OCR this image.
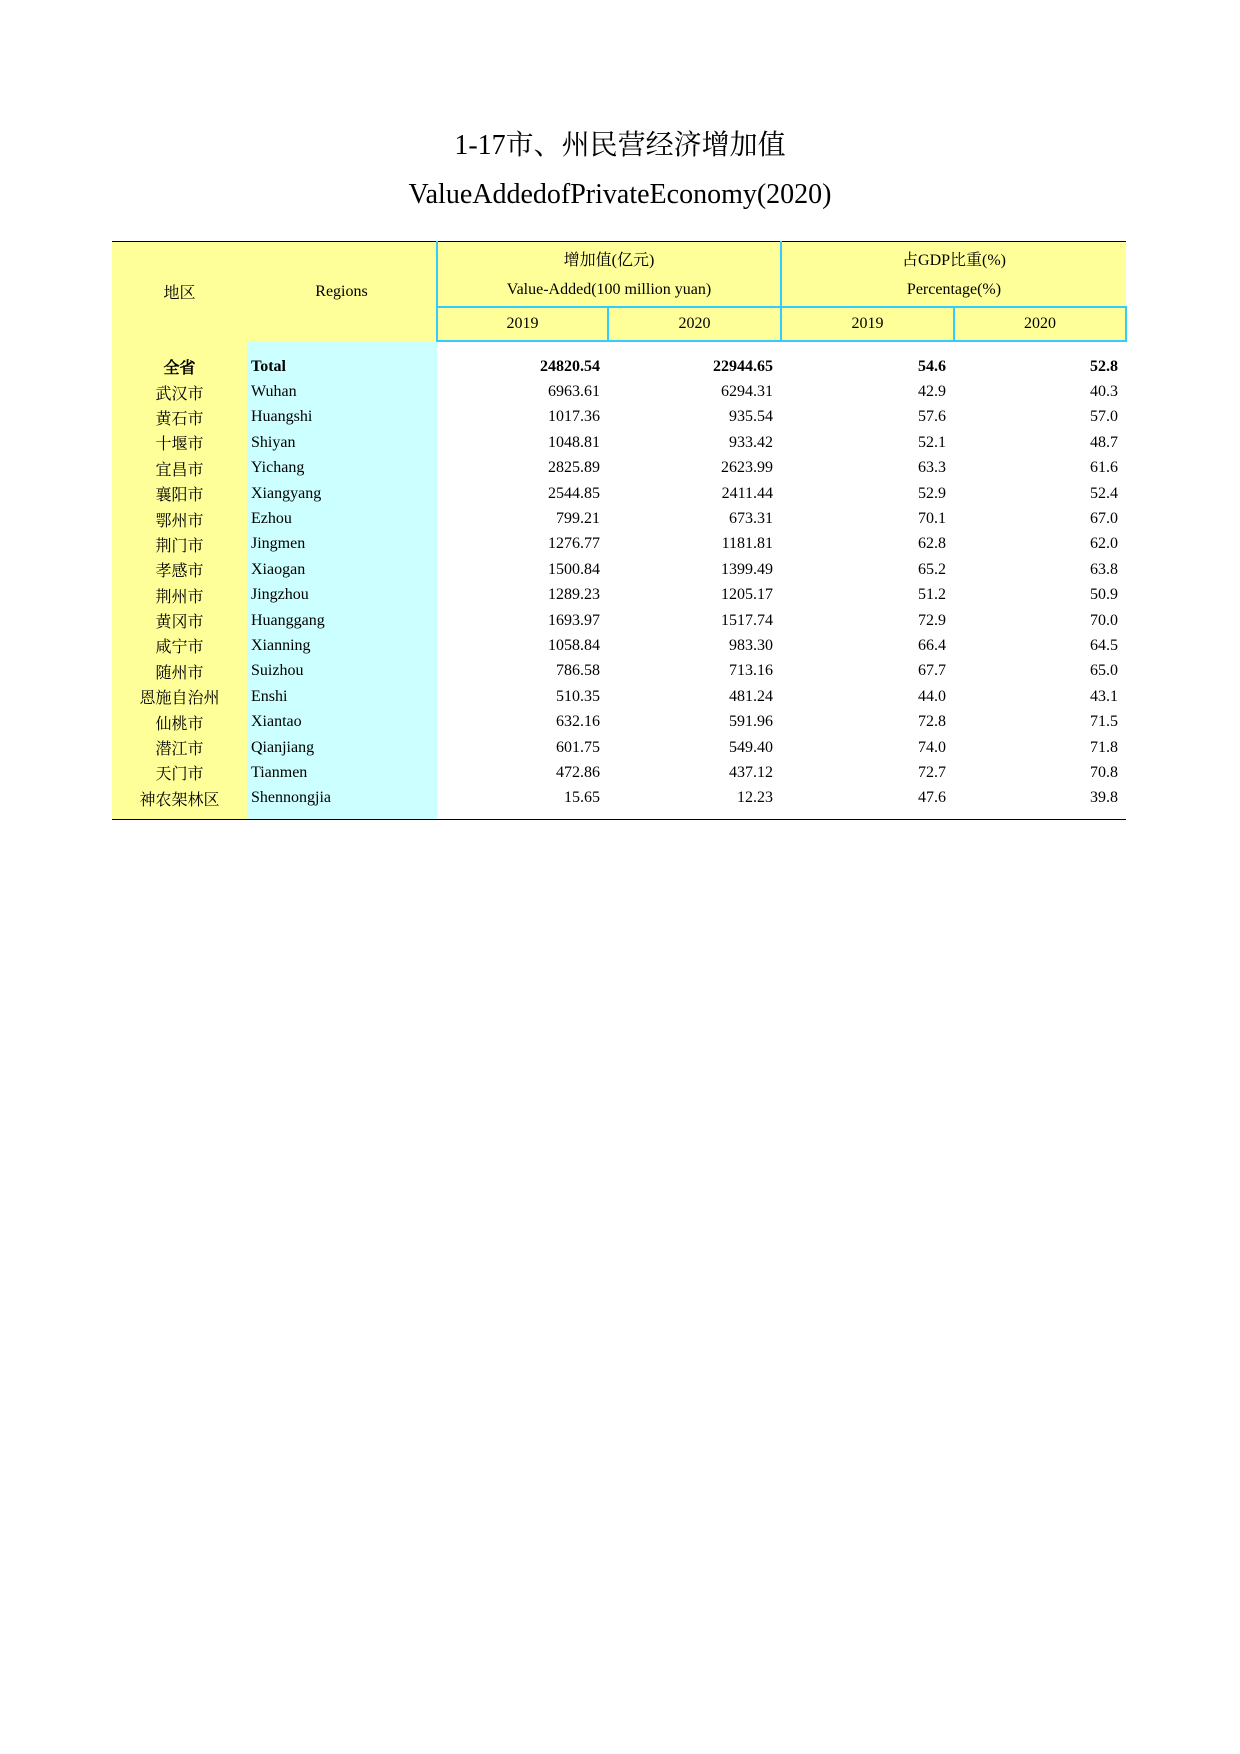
1-17市、州民营经济增加值
ValueAddedofPrivateEconomy(2020)
地区	Regions	增加值(亿元)		占GDP比重(%)	
		Value-Added(100 million yuan)		Percentage(%)	
		2019	2020	2019	2020

全省	Total	24820.54	22944.65	54.6	52.8
武汉市	Wuhan	6963.61	6294.31	42.9	40.3
黄石市	Huangshi	1017.36	935.54	57.6	57.0
十堰市	Shiyan	1048.81	933.42	52.1	48.7
宜昌市	Yichang	2825.89	2623.99	63.3	61.6
襄阳市	Xiangyang	2544.85	2411.44	52.9	52.4
鄂州市	Ezhou	799.21	673.31	70.1	67.0
荆门市	Jingmen	1276.77	1181.81	62.8	62.0
孝感市	Xiaogan	1500.84	1399.49	65.2	63.8
荆州市	Jingzhou	1289.23	1205.17	51.2	50.9
黄冈市	Huanggang	1693.97	1517.74	72.9	70.0
咸宁市	Xianning	1058.84	983.30	66.4	64.5
随州市	Suizhou	786.58	713.16	67.7	65.0
恩施自治州	Enshi	510.35	481.24	44.0	43.1
仙桃市	Xiantao	632.16	591.96	72.8	71.5
潜江市	Qianjiang	601.75	549.40	74.0	71.8
天门市	Tianmen	472.86	437.12	72.7	70.8
神农架林区	Shennongjia	15.65	12.23	47.6	39.8
